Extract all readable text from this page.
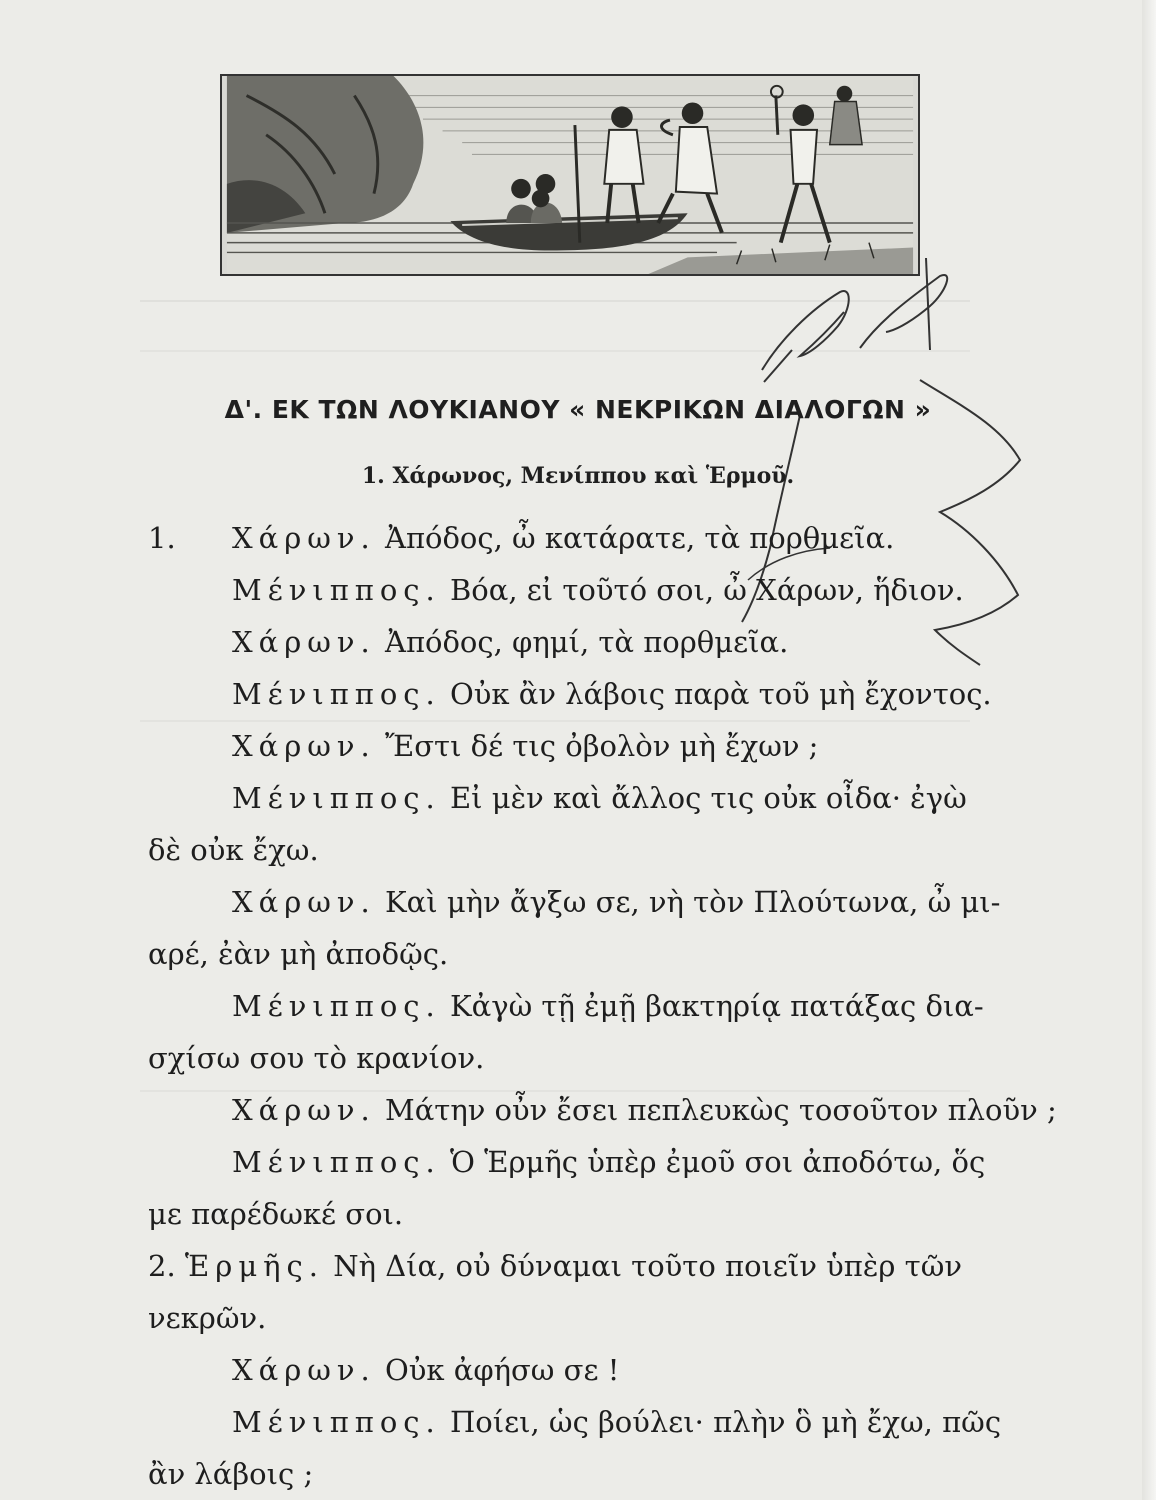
Δ'. ΕΚ ΤΩΝ ΛΟΥΚΙΑΝΟΥ « ΝΕΚΡΙΚΩΝ ΔΙΑΛΟΓΩΝ »
1. Χάρωνος, Μενίππου καὶ Ἑρμοῦ.
1. Χάρων. Ἀπόδος, ὦ κατάρατε, τὰ πορθμεῖα.
Μένιππος. Βόα, εἰ τοῦτό σοι, ὦ Χάρων, ἥδιον.
Χάρων. Ἀπόδος, φημί, τὰ πορθμεῖα.
Μένιππος. Οὐκ ἂν λάβοις παρὰ τοῦ μὴ ἔχοντος.
Χάρων. Ἔστι δέ τις ὀβολὸν μὴ ἔχων ;
Μένιππος. Εἰ μὲν καὶ ἄλλος τις οὐκ οἶδα· ἐγὼ
δὲ οὐκ ἔχω.
Χάρων. Καὶ μὴν ἄγξω σε, νὴ τὸν Πλούτωνα, ὦ μι-
αρέ, ἐὰν μὴ ἀποδῷς.
Μένιππος. Κἀγὼ τῇ ἐμῇ βακτηρίᾳ πατάξας δια-
σχίσω σου τὸ κρανίον.
Χάρων. Μάτην οὖν ἔσει πεπλευκὼς τοσοῦτον πλοῦν ;
Μένιππος. Ὁ Ἑρμῆς ὑπὲρ ἐμοῦ σοι ἀποδότω, ὅς
με παρέδωκέ σοι.
2. Ἑρμῆς. Νὴ Δία, οὐ δύναμαι τοῦτο ποιεῖν ὑπὲρ τῶν
νεκρῶν.
Χάρων. Οὐκ ἀφήσω σε !
Μένιππος. Ποίει, ὡς βούλει· πλὴν ὃ μὴ ἔχω, πῶς
ἂν λάβοις ;
